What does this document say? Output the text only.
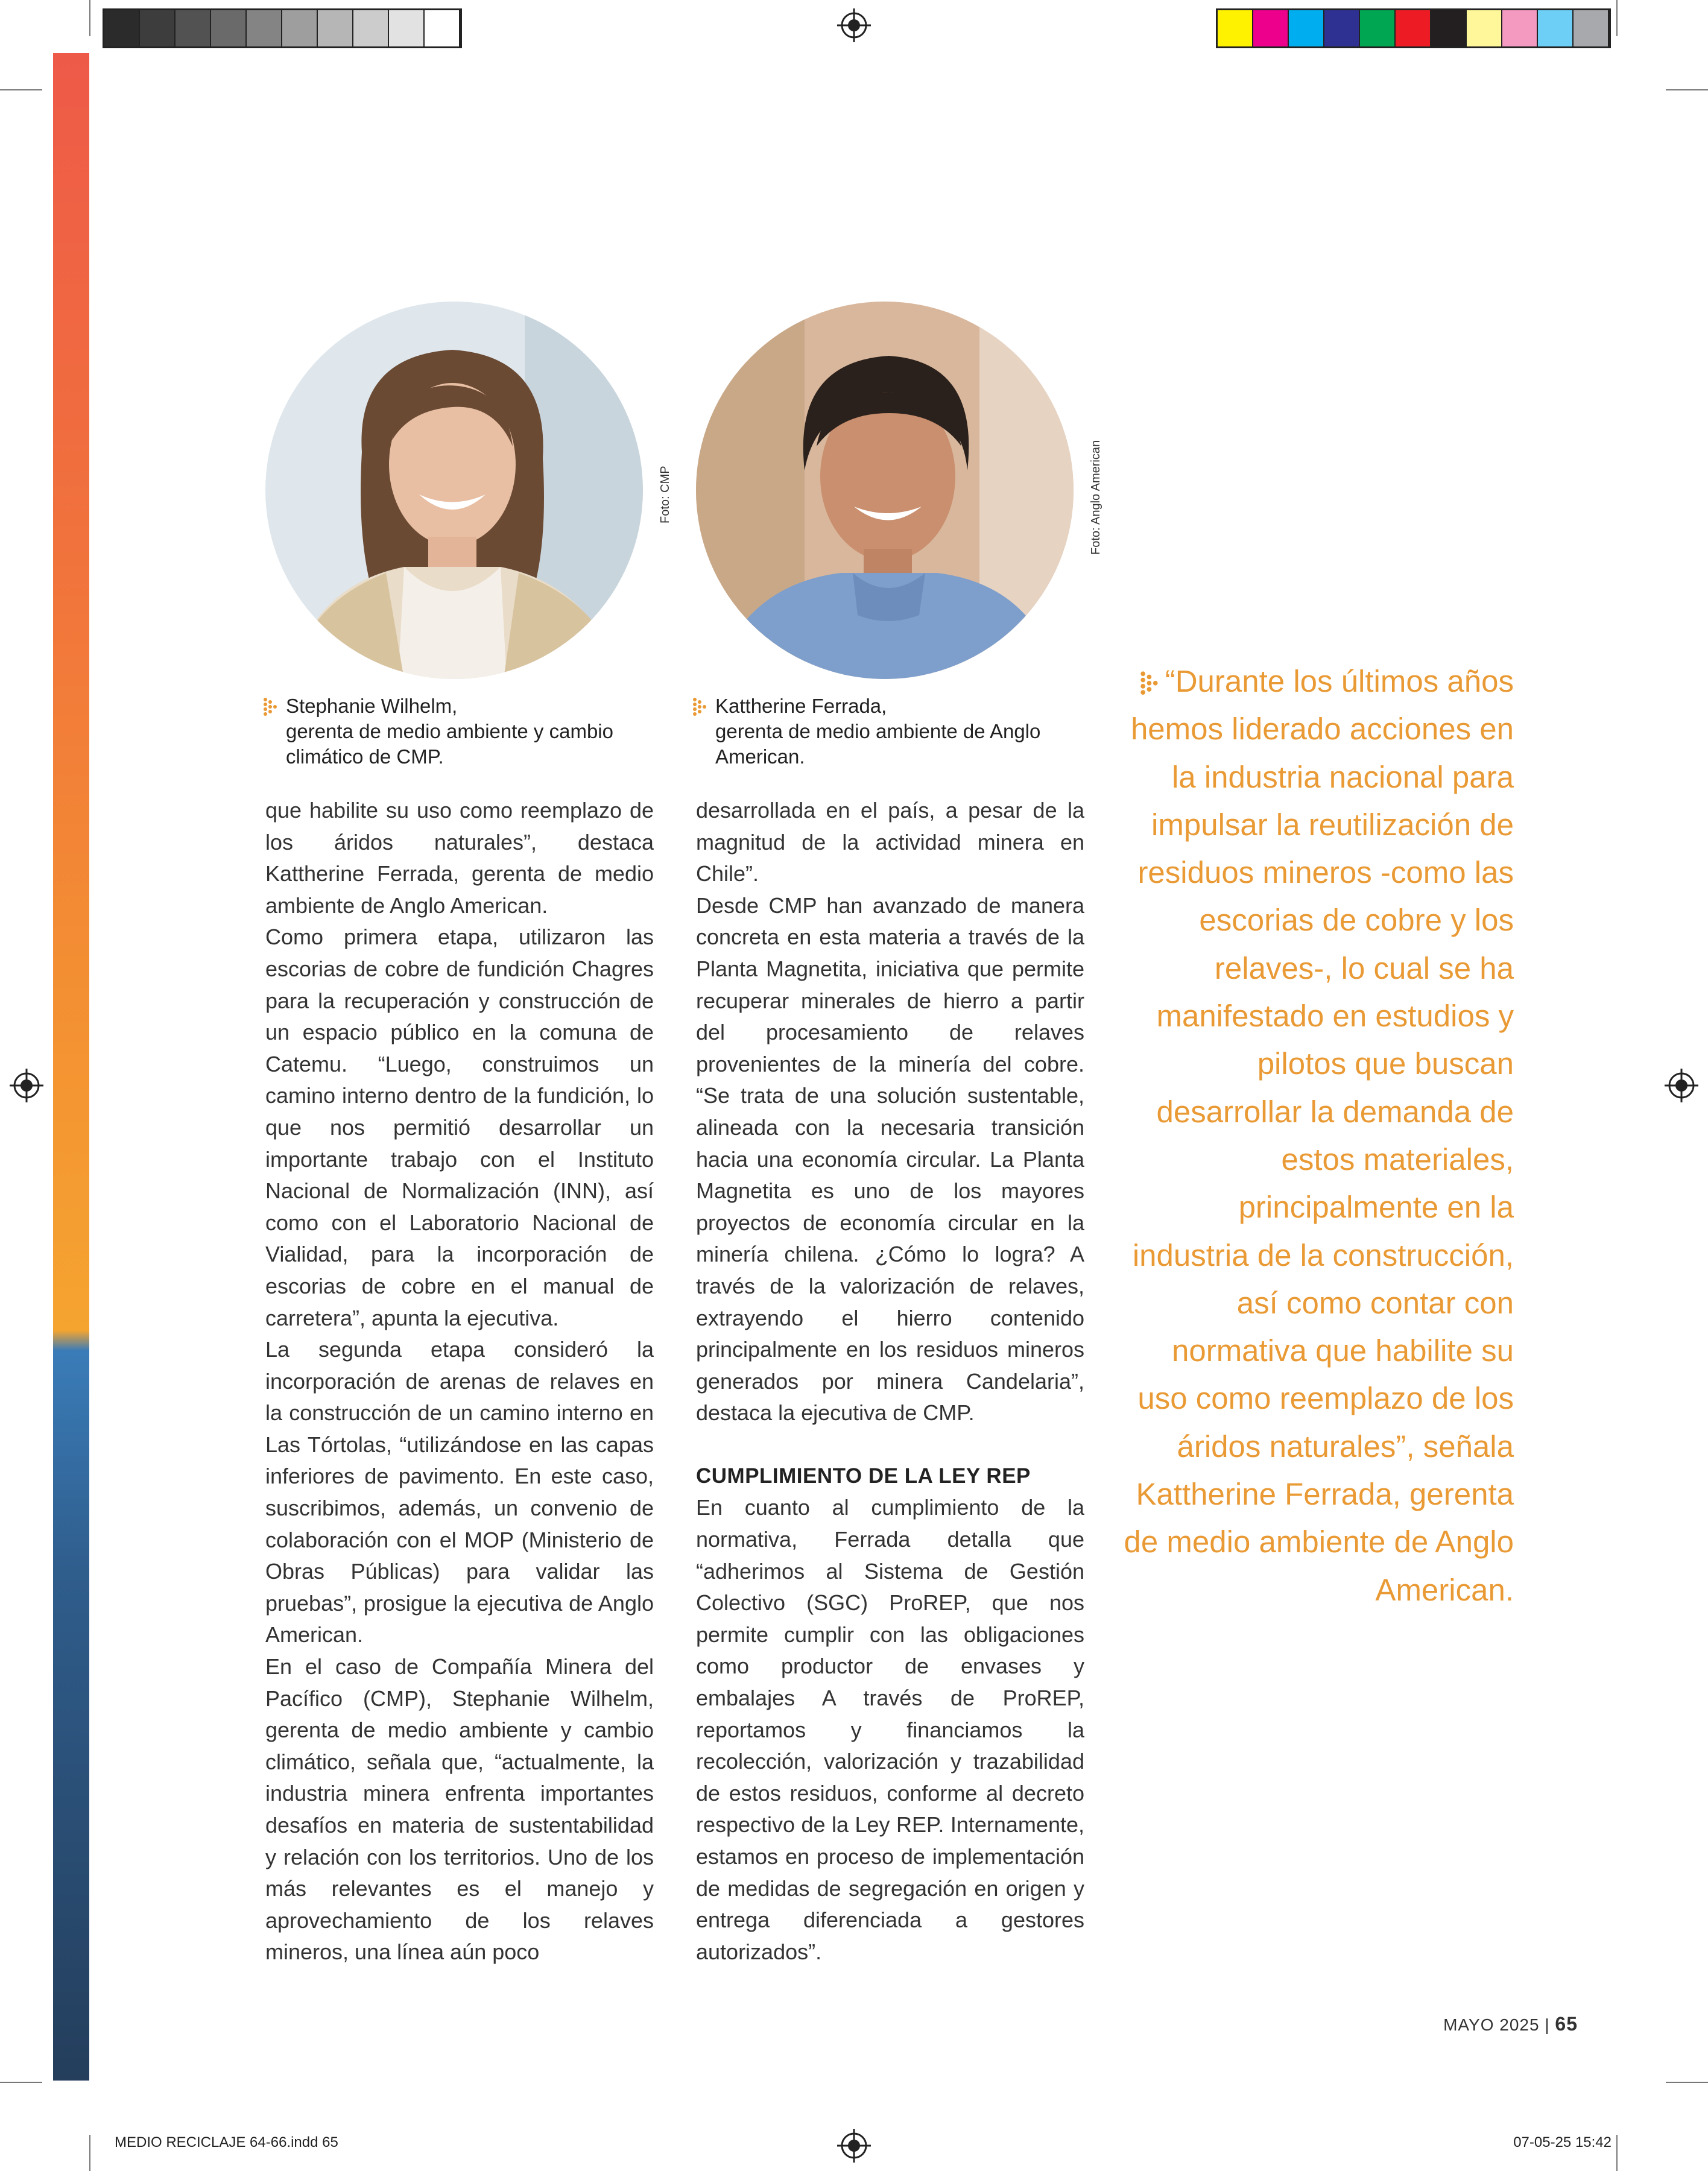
Foto: CMP	Foto: Anglo American
Stephanie Wilhelm,
gerenta de medio ambiente y cambio climático de CMP.
Kattherine Ferrada,
gerenta de medio ambiente de Anglo American.

que habilite su uso como reemplazo de los áridos naturales”, destaca Kattherine Ferrada, gerenta de medio ambiente de Anglo American.

Como primera etapa, utilizaron las escorias de cobre de fundición Chagres para la recuperación y construcción de un espacio público en la comuna de Catemu. “Luego, construimos un camino interno dentro de la fundición, lo que nos permitió desarrollar un importante trabajo con el Instituto Nacional de Normalización (INN), así como con el Laboratorio Nacional de Vialidad, para la incorporación de escorias de cobre en el manual de carretera”, apunta la ejecutiva.

La segunda etapa consideró la incorporación de arenas de relaves en la construcción de un camino interno en Las Tórtolas, “utilizándose en las capas inferiores de pavimento. En este caso, suscribimos, además, un convenio de colaboración con el MOP (Ministerio de Obras Públicas) para validar las pruebas”, prosigue la ejecutiva de Anglo American.

En el caso de Compañía Minera del Pacífico (CMP), Stephanie Wilhelm, gerenta de medio ambiente y cambio climático, señala que, “actualmente, la industria minera enfrenta importantes desafíos en materia de sustentabilidad y relación con los territorios. Uno de los más relevantes es el manejo y aprovechamiento de los relaves mineros, una línea aún poco

desarrollada en el país, a pesar de la magnitud de la actividad minera en Chile”.

Desde CMP han avanzado de manera concreta en esta materia a través de la Planta Magnetita, iniciativa que permite recuperar minerales de hierro a partir del procesamiento de relaves provenientes de la minería del cobre. “Se trata de una solución sustentable, alineada con la necesaria transición hacia una economía circular. La Planta Magnetita es uno de los mayores proyectos de economía circular en la minería chilena. ¿Cómo lo logra? A través de la valorización de relaves, extrayendo el hierro contenido principalmente en los residuos mineros generados por minera Candelaria”, destaca la ejecutiva de CMP.

CUMPLIMIENTO DE LA LEY REP

En cuanto al cumplimiento de la normativa, Ferrada detalla que “adherimos al Sistema de Gestión Colectivo (SGC) ProREP, que nos permite cumplir con las obligaciones como productor de envases y embalajes A través de ProREP, reportamos y financiamos la recolección, valorización y trazabilidad de estos residuos, conforme al decreto respectivo de la Ley REP. Internamente, estamos en proceso de implementación de medidas de segregación en origen y entrega diferenciada a gestores autorizados”.

“Durante los últimos años hemos liderado acciones en la industria nacional para impulsar la reutilización de residuos mineros -como las escorias de cobre y los relaves-, lo cual se ha manifestado en estudios y pilotos que buscan desarrollar la demanda de estos materiales, principalmente en la industria de la construcción, así como contar con normativa que habilite su uso como reemplazo de los áridos naturales”, señala Kattherine Ferrada, gerenta de medio ambiente de Anglo American.
MAYO 2025 | 65
MEDIO RECICLAJE 64-66.indd 65	07-05-25 15:42
